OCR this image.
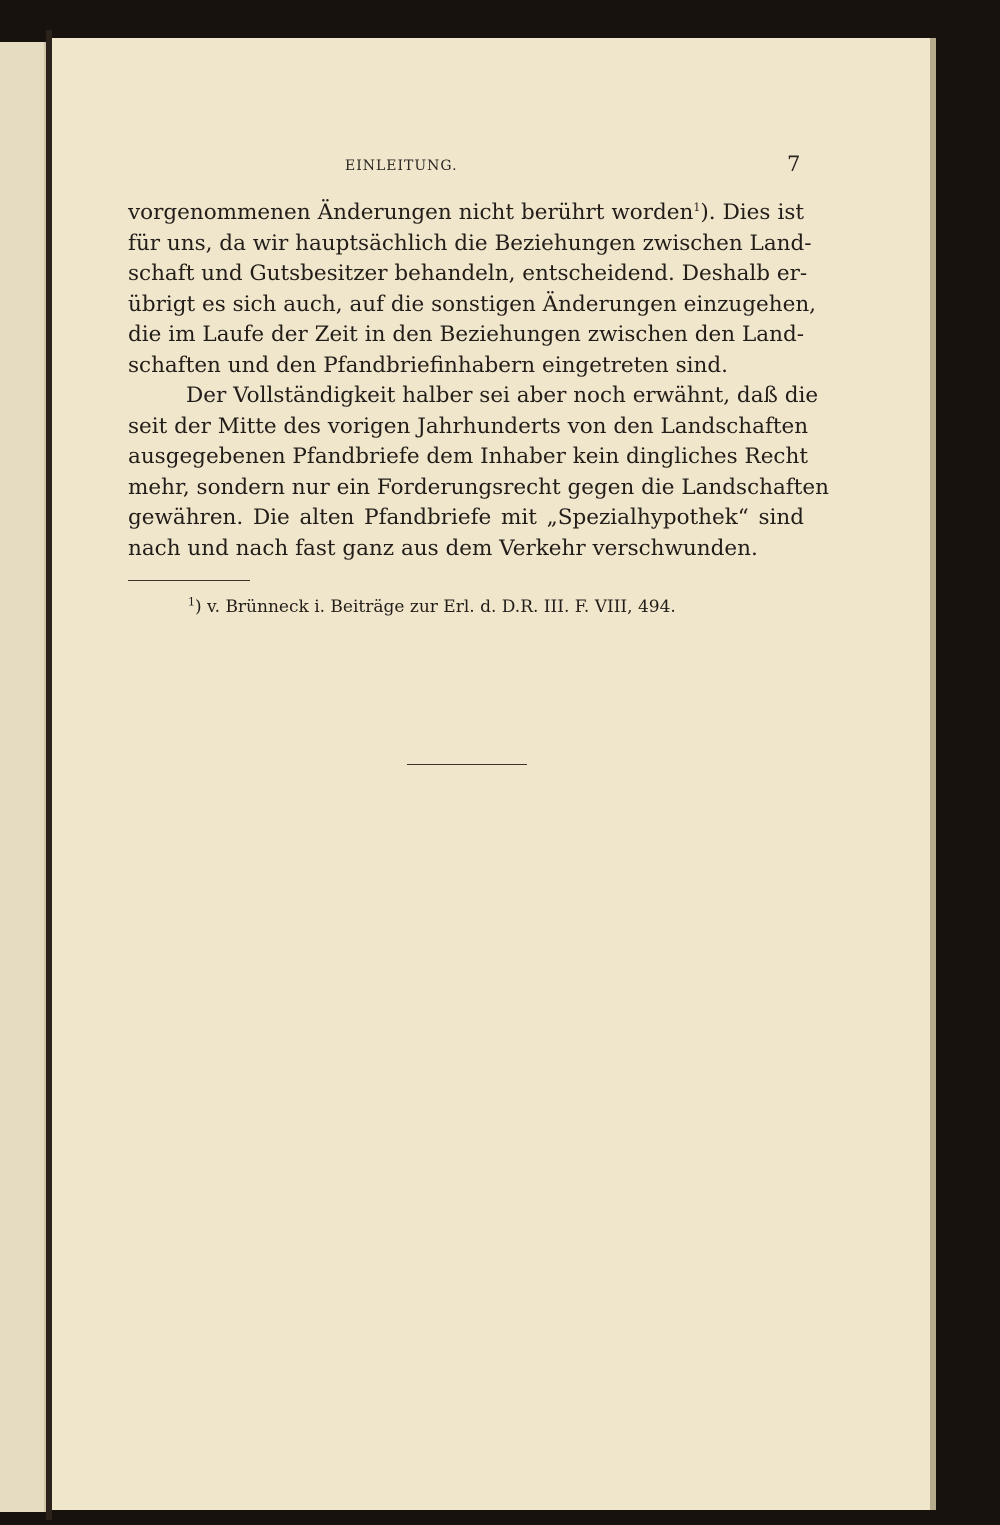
EINLEITUNG.	7
vorgenommenen Änderungen nicht berührt worden$^1$). Dies ist
für uns, da wir hauptsächlich die Beziehungen zwischen Land-
schaft und Gutsbesitzer behandeln, entscheidend. Deshalb er-
übrigt es sich auch, auf die sonstigen Änderungen einzugehen,
die im Laufe der Zeit in den Beziehungen zwischen den Land-
schaften und den Pfandbriefinhabern eingetreten sind.
Der Vollständigkeit halber sei aber noch erwähnt, daß die
seit der Mitte des vorigen Jahrhunderts von den Landschaften
ausgegebenen Pfandbriefe dem Inhaber kein dingliches Recht
mehr, sondern nur ein Forderungsrecht gegen die Landschaften
gewähren. Die alten Pfandbriefe mit „Spezialhypothek“ sind
nach und nach fast ganz aus dem Verkehr verschwunden.
$^1$) v. Brünneck i. Beiträge zur Erl. d. D.R. III. F. VIII, 494.
